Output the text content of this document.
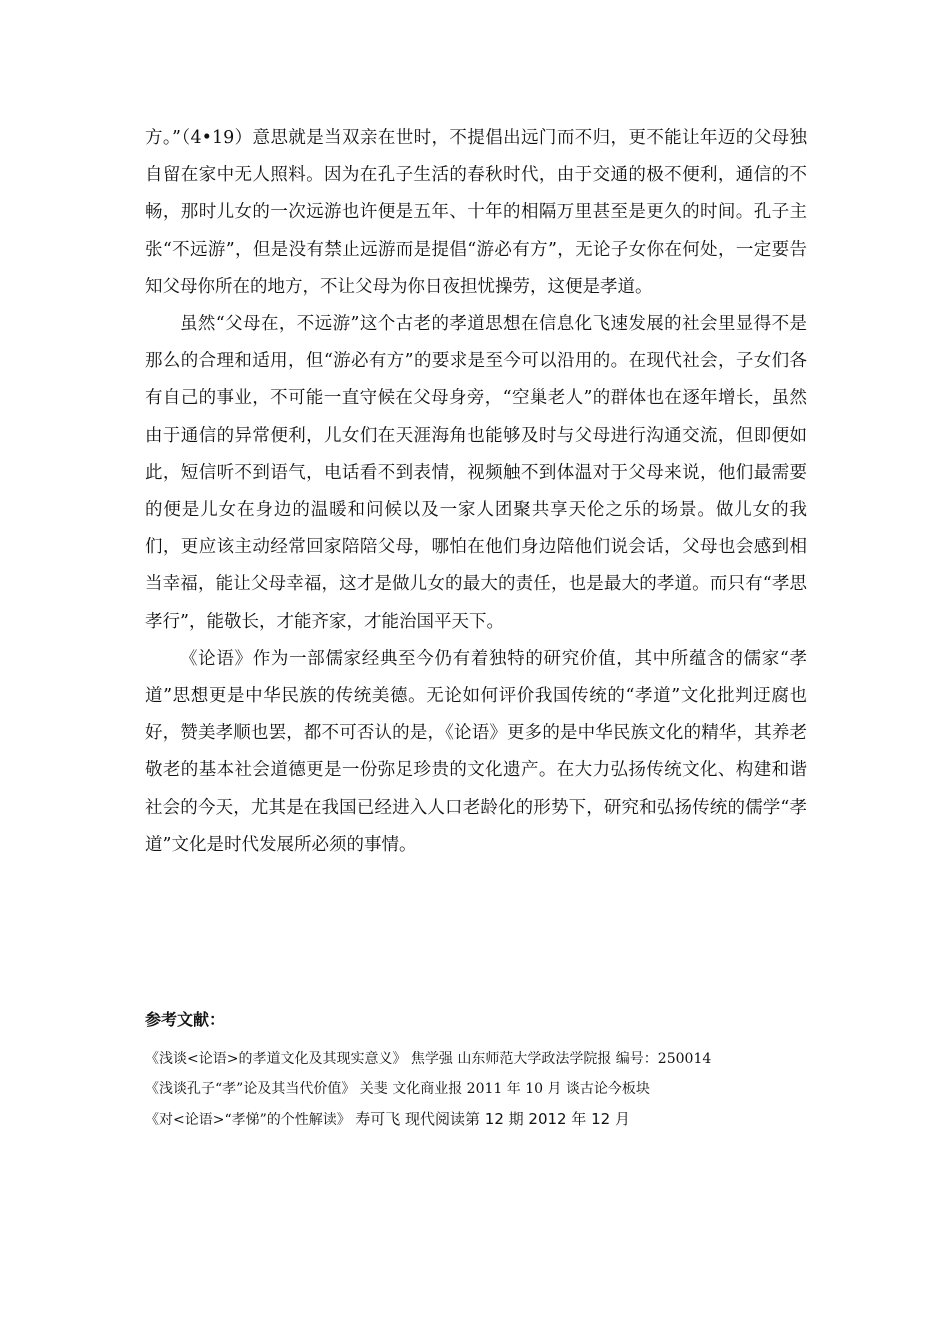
方。”（4•19）意思就是当双亲在世时，不提倡出远门而不归，更不能让年迈的父母独自留在家中无人照料。因为在孔子生活的春秋时代，由于交通的极不便利，通信的不畅，那时儿女的一次远游也许便是五年、十年的相隔万里甚至是更久的时间。孔子主张“不远游”，但是没有禁止远游而是提倡“游必有方”，无论子女你在何处，一定要告知父母你所在的地方，不让父母为你日夜担忧操劳，这便是孝道。

虽然“父母在，不远游”这个古老的孝道思想在信息化飞速发展的社会里显得不是那么的合理和适用，但“游必有方”的要求是至今可以沿用的。在现代社会，子女们各有自己的事业，不可能一直守候在父母身旁，“空巢老人”的群体也在逐年增长，虽然由于通信的异常便利，儿女们在天涯海角也能够及时与父母进行沟通交流，但即便如此，短信听不到语气，电话看不到表情，视频触不到体温对于父母来说，他们最需要的便是儿女在身边的温暖和问候以及一家人团聚共享天伦之乐的场景。做儿女的我们，更应该主动经常回家陪陪父母，哪怕在他们身边陪他们说会话，父母也会感到相当幸福，能让父母幸福，这才是做儿女的最大的责任，也是最大的孝道。而只有“孝思孝行”，能敬长，才能齐家，才能治国平天下。

《论语》作为一部儒家经典至今仍有着独特的研究价值，其中所蕴含的儒家“孝道”思想更是中华民族的传统美德。无论如何评价我国传统的“孝道”文化批判迂腐也好，赞美孝顺也罢，都不可否认的是，《论语》更多的是中华民族文化的精华，其养老敬老的基本社会道德更是一份弥足珍贵的文化遗产。在大力弘扬传统文化、构建和谐社会的今天，尤其是在我国已经进入人口老龄化的形势下，研究和弘扬传统的儒学“孝道”文化是时代发展所必须的事情。

参考文献：

《浅谈<论语>的孝道文化及其现实意义》 焦学强 山东师范大学政法学院报 编号：250014

《浅谈孔子“孝”论及其当代价值》 关斐 文化商业报 2011 年 10 月 谈古论今板块

《对<论语>“孝悌”的个性解读》 寿可飞 现代阅读第 12 期 2012 年 12 月
